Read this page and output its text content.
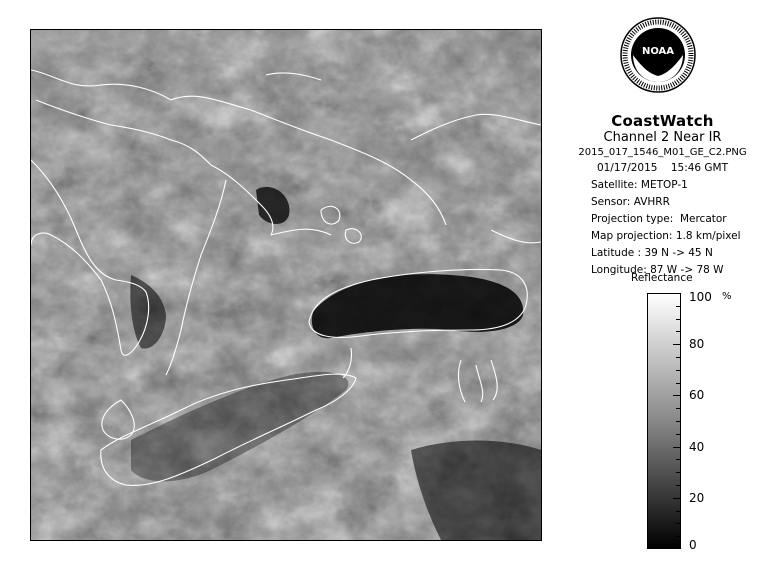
NOAA
CoastWatch
Channel 2 Near IR
2015_017_1546_M01_GE_C2.PNG
01/17/2015 15:46 GMT
Satellite: METOP-1
Sensor: AVHRR
Projection type: Mercator
Map projection: 1.8 km/pixel
Latitude : 39 N -> 45 N
Longitude: 87 W -> 78 W
Reflectance
%
100
80
60
40
20
0
